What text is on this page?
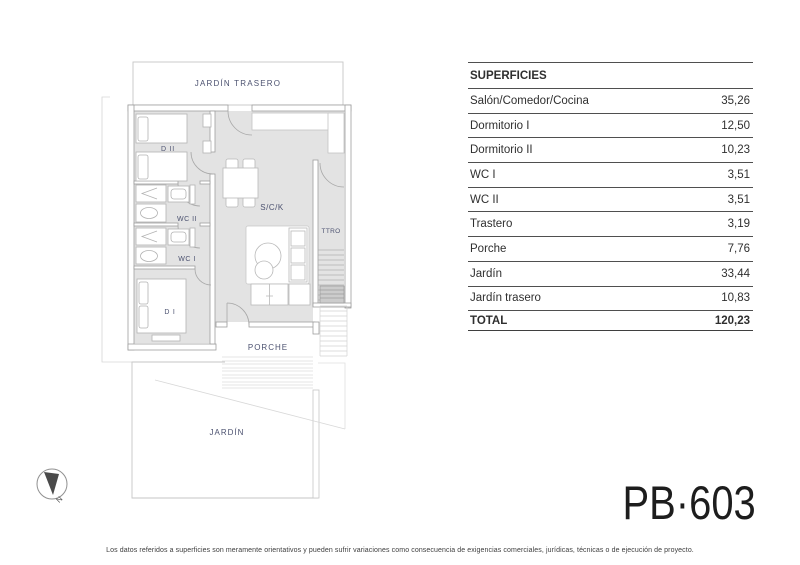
JARDÍN TRASERO
D II
WC II
WC I
D I
S/C/K
TTRO
PORCHE
JARDÍN
N
SUPERFICIES
Salón/Comedor/Cocina	35,26
Dormitorio I	12,50
Dormitorio II	10,23
WC I	3,51
WC II	3,51
Trastero	3,19
Porche	7,76
Jardín	33,44
Jardín trasero	10,83
TOTAL	120,23
PB·603
Los datos referidos a superficies son meramente orientativos y pueden sufrir variaciones como consecuencia de exigencias comerciales, jurídicas, técnicas o de ejecución de proyecto.
